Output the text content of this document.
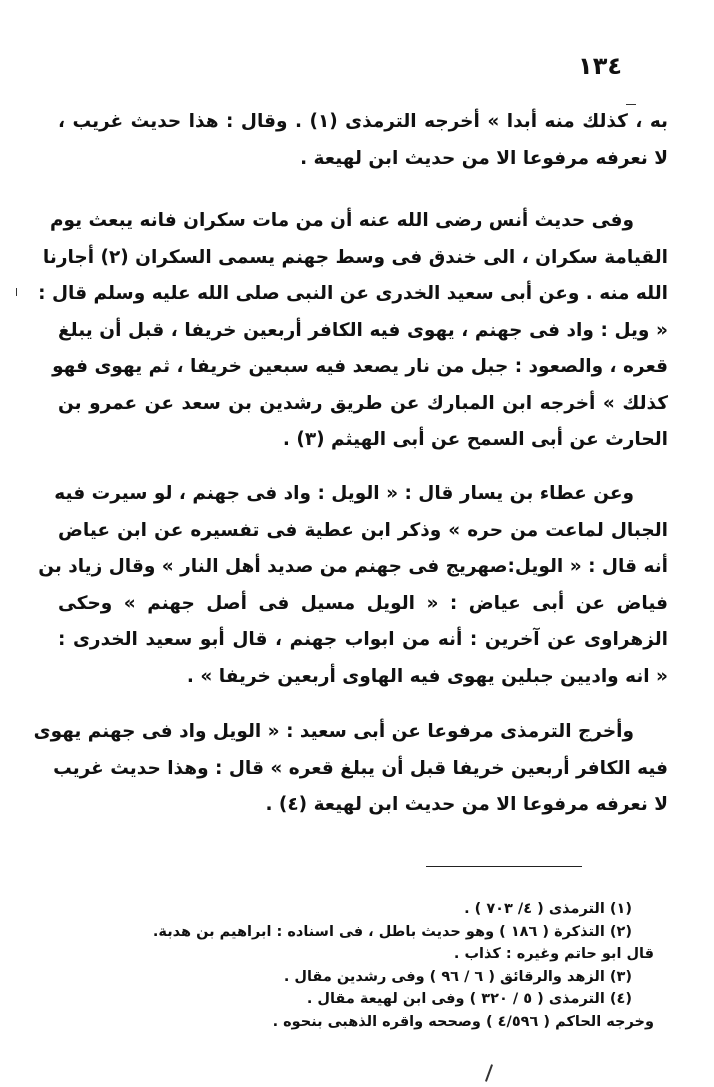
١٣٤
به ، كذلك منه أبدا » أخرجه الترمذى (١) . وقال : هذا حديث غريب ،
لا نعرفه مرفوعا الا من حديث ابن لهيعة .
وفى حديث أنس رضى الله عنه أن من مات سكران فانه يبعث يوم
القيامة سكران ، الى خندق فى وسط جهنم يسمى السكران (٢) أجارنا
الله منه . وعن أبى سعيد الخدرى عن النبى صلى الله عليه وسلم قال :
« ويل : واد فى جهنم ، يهوى فيه الكافر أربعين خريفا ، قبل أن يبلغ
قعره ، والصعود : جبل من نار يصعد فيه سبعين خريفا ، ثم يهوى فهو
كذلك » أخرجه ابن المبارك عن طريق رشدين بن سعد عن عمرو بن
الحارث عن أبى السمح عن أبى الهيثم (٣) .
وعن عطاء بن يسار قال : « الويل : واد فى جهنم ، لو سيرت فيه
الجبال لماعت من حره » وذكر ابن عطية فى تفسيره عن ابن عياض
أنه قال : « الويل:صهريج فى جهنم من صديد أهل النار » وقال زياد بن
فياض عن أبى عياض : « الويل مسيل فى أصل جهنم » وحكى
الزهراوى عن آخرين : أنه من ابواب جهنم ، قال أبو سعيد الخدرى :
« انه واديين جبلين يهوى فيه الهاوى أربعين خريفا » .
وأخرج الترمذى مرفوعا عن أبى سعيد : « الويل واد فى جهنم يهوى
فيه الكافر أربعين خريفا قبل أن يبلغ قعره » قال : وهذا حديث غريب
لا نعرفه مرفوعا الا من حديث ابن لهيعة (٤) .
(١) الترمذى ( ٤/ ٧٠٣ ) .
(٢) التذكرة ( ١٨٦ ) وهو حديث باطل ، فى اسناده : ابراهيم بن هدبة.
قال ابو حاتم وغيره : كذاب .
(٣) الزهد والرقائق ( ٦ / ٩٦ ) وفى رشدين مقال .
(٤) الترمذى ( ٥ / ٣٢٠ ) وفى ابن لهيعة مقال .
وخرجه الحاكم ( ٤/٥٩٦ ) وصححه واقره الذهبى بنحوه .
